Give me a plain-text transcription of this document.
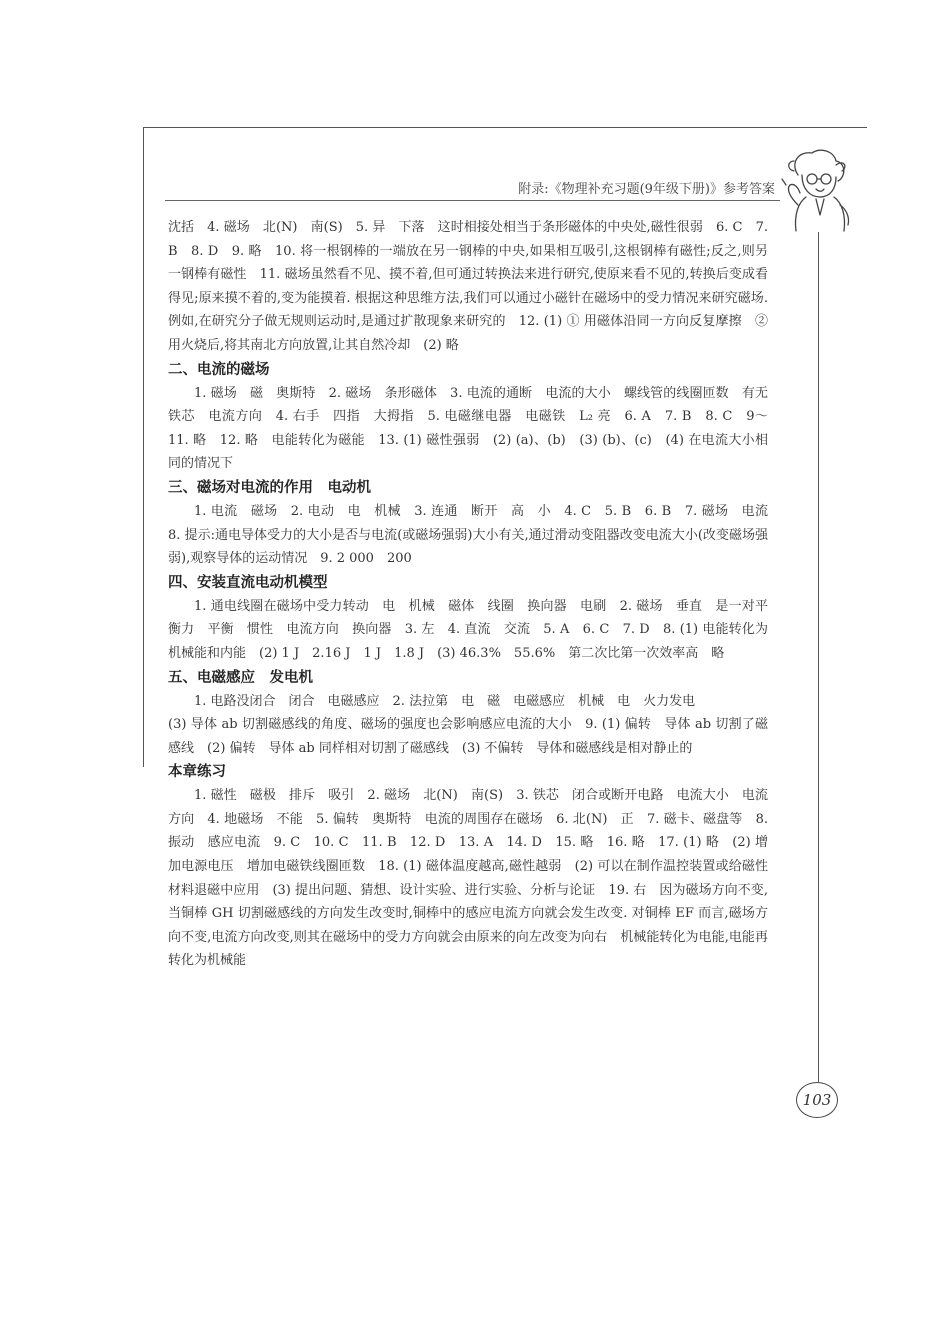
附录:《物理补充习题(9年级下册)》参考答案

沈括　4. 磁场　北(N)　南(S)　5. 异　下落　这时相接处相当于条形磁体的中央处,磁性很弱　6. C　7. B　8. D　9. 略　10. 将一根钢棒的一端放在另一钢棒的中央,如果相互吸引,这根钢棒有磁性;反之,则另一钢棒有磁性　11. 磁场虽然看不见、摸不着,但可通过转换法来进行研究,使原来看不见的,转换后变成看得见;原来摸不着的,变为能摸着. 根据这种思维方法,我们可以通过小磁针在磁场中的受力情况来研究磁场. 例如,在研究分子做无规则运动时,是通过扩散现象来研究的　12. (1) ① 用磁体沿同一方向反复摩擦　② 用火烧后,将其南北方向放置,让其自然冷却　(2) 略

二、电流的磁场

1. 磁场　磁　奥斯特　2. 磁场　条形磁体　3. 电流的通断　电流的大小　螺线管的线圈匝数　有无铁芯　电流方向　4. 右手　四指　大拇指　5. 电磁继电器　电磁铁　L₂ 亮　6. A　7. B　8. C　9～11. 略　12. 略　电能转化为磁能　13. (1) 磁性强弱　(2) (a)、(b)　(3) (b)、(c)　(4) 在电流大小相同的情况下

三、磁场对电流的作用　电动机

1. 电流　磁场　2. 电动　电　机械　3. 连通　断开　高　小　4. C　5. B　6. B　7. 磁场　电流　8. 提示:通电导体受力的大小是否与电流(或磁场强弱)大小有关,通过滑动变阻器改变电流大小(改变磁场强弱),观察导体的运动情况　9. 2 000　200

四、安装直流电动机模型

1. 通电线圈在磁场中受力转动　电　机械　磁体　线圈　换向器　电刷　2. 磁场　垂直　是一对平衡力　平衡　惯性　电流方向　换向器　3. 左　4. 直流　交流　5. A　6. C　7. D　8. (1) 电能转化为机械能和内能　(2) 1 J　2.16 J　1 J　1.8 J　(3) 46.3%　55.6%　第二次比第一次效率高　略

五、电磁感应　发电机

1. 电路没闭合　闭合　电磁感应　2. 法拉第　电　磁　电磁感应　机械　电　火力发电

(3) 导体 ab 切割磁感线的角度、磁场的强度也会影响感应电流的大小　9. (1) 偏转　导体 ab 切割了磁感线　(2) 偏转　导体 ab 同样相对切割了磁感线　(3) 不偏转　导体和磁感线是相对静止的

本章练习

1. 磁性　磁极　排斥　吸引　2. 磁场　北(N)　南(S)　3. 铁芯　闭合或断开电路　电流大小　电流方向　4. 地磁场　不能　5. 偏转　奥斯特　电流的周围存在磁场　6. 北(N)　正　7. 磁卡、磁盘等　8. 振动　感应电流　9. C　10. C　11. B　12. D　13. A　14. D　15. 略　16. 略　17. (1) 略　(2) 增加电源电压　增加电磁铁线圈匝数　18. (1) 磁体温度越高,磁性越弱　(2) 可以在制作温控装置或给磁性材料退磁中应用　(3) 提出问题、猜想、设计实验、进行实验、分析与论证　19. 右　因为磁场方向不变,当铜棒 GH 切割磁感线的方向发生改变时,铜棒中的感应电流方向就会发生改变. 对铜棒 EF 而言,磁场方向不变,电流方向改变,则其在磁场中的受力方向就会由原来的向左改变为向右　机械能转化为电能,电能再转化为机械能

103
